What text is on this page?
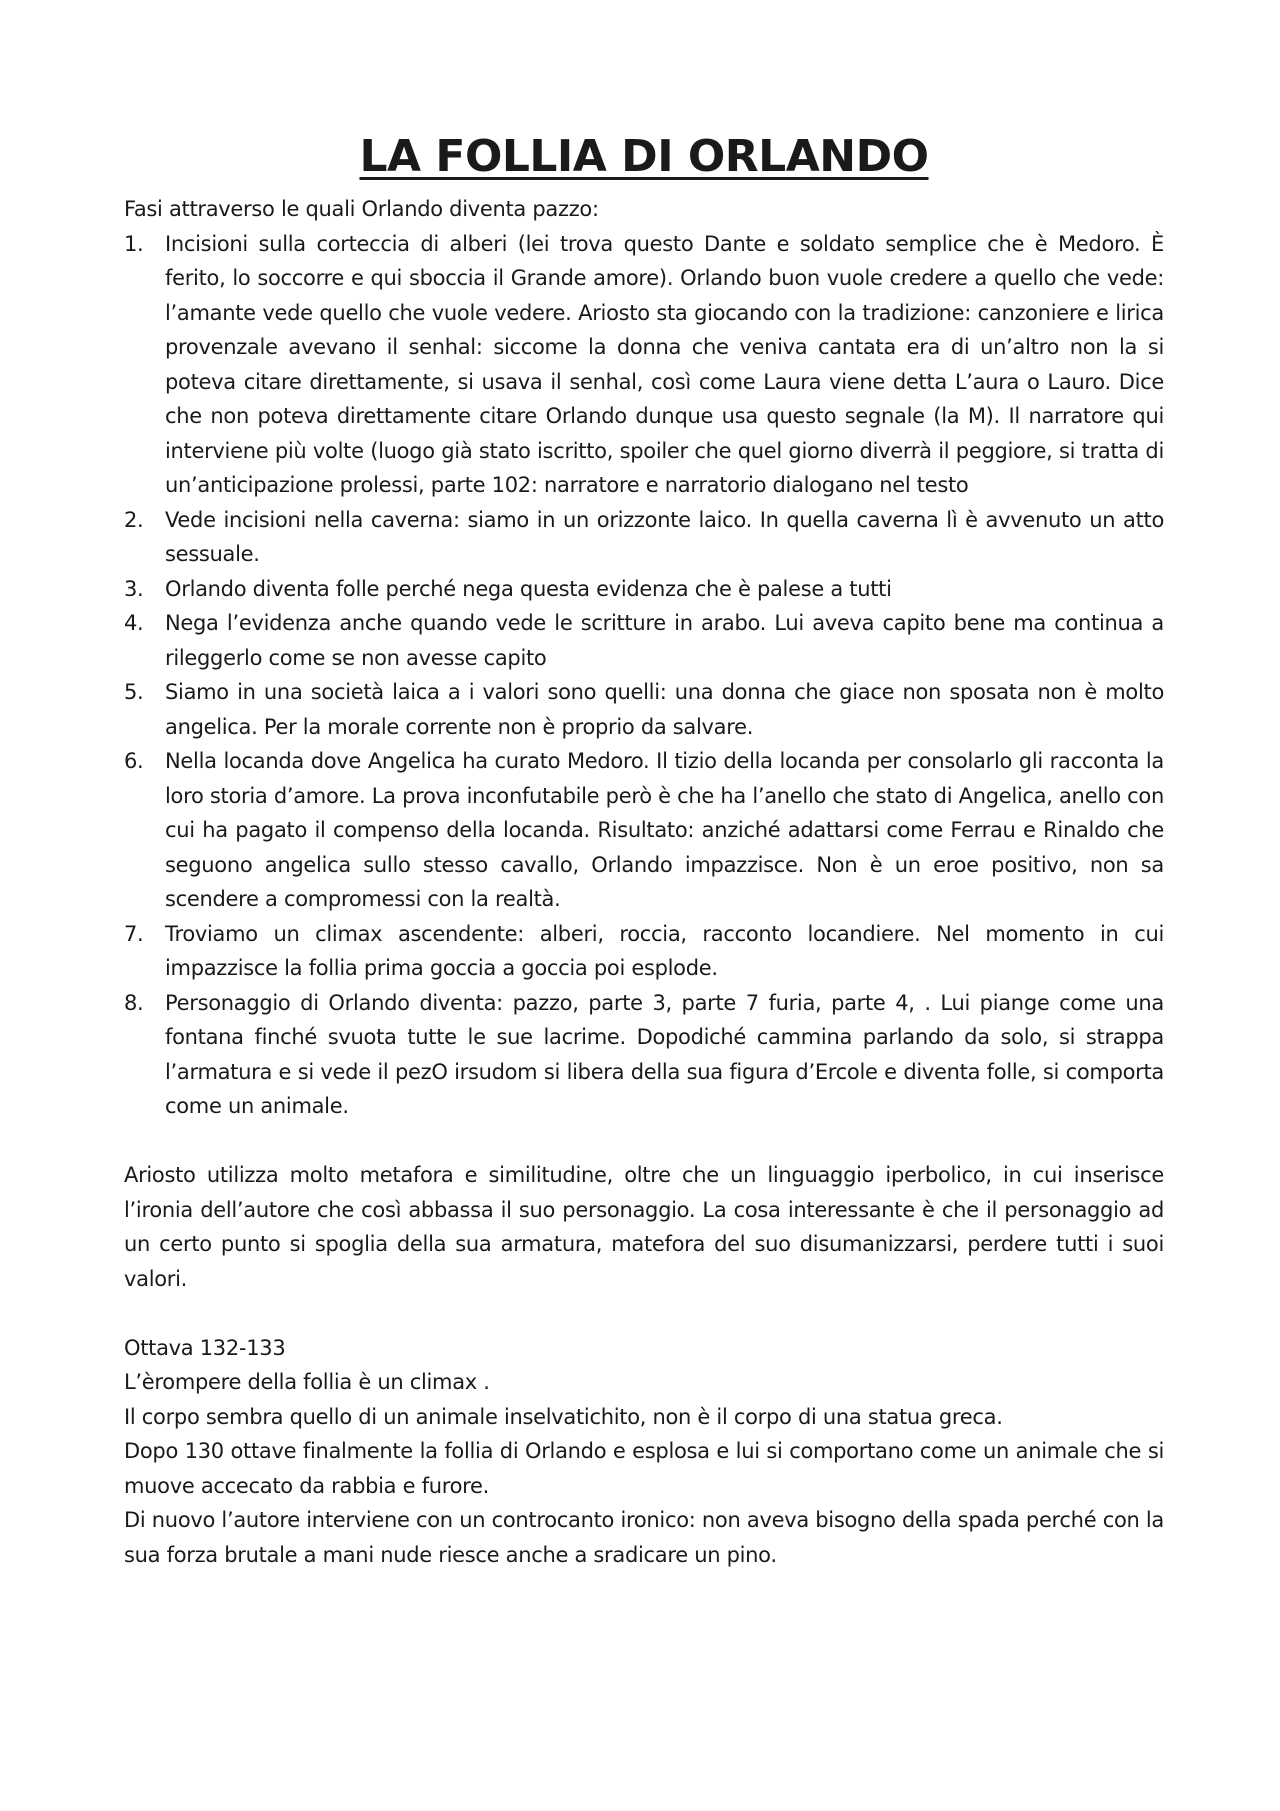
LA FOLLIA DI ORLANDO

Fasi attraverso le quali Orlando diventa pazzo:

1.	Incisioni sulla corteccia di alberi (lei trova questo Dante e soldato semplice che è Medoro. È ferito, lo soccorre e qui sboccia il Grande amore). Orlando buon vuole credere a quello che vede: l’amante vede quello che vuole vedere. Ariosto sta giocando con la tradizione: canzoniere e lirica provenzale avevano il senhal: siccome la donna che veniva cantata era di un’altro non la si poteva citare direttamente, si usava il senhal, così come Laura viene detta L’aura o Lauro. Dice che non poteva direttamente citare Orlando dunque usa questo segnale (la M). Il narratore qui interviene più volte (luogo già stato iscritto, spoiler che quel giorno diverrà il peggiore, si tratta di un’anticipazione prolessi, parte 102: narratore e narratorio dialogano nel testo
2.	Vede incisioni nella caverna: siamo in un orizzonte laico. In quella caverna lì è avvenuto un atto sessuale.
3.	Orlando diventa folle perché nega questa evidenza che è palese a tutti
4.	Nega l’evidenza anche quando vede le scritture in arabo. Lui aveva capito bene ma continua a rileggerlo come se non avesse capito
5.	Siamo in una società laica a i valori sono quelli: una donna che giace non sposata non è molto angelica. Per la morale corrente non è proprio da salvare.
6.	Nella locanda dove Angelica ha curato Medoro. Il tizio della locanda per consolarlo gli racconta la loro storia d’amore. La prova inconfutabile però è che ha l’anello che stato di Angelica, anello con cui ha pagato il compenso della locanda. Risultato: anziché adattarsi come Ferrau e Rinaldo che seguono angelica sullo stesso cavallo, Orlando impazzisce. Non è un eroe positivo, non sa scendere a compromessi con la realtà.
7.	Troviamo un climax ascendente: alberi, roccia, racconto locandiere. Nel momento in cui impazzisce la follia prima goccia a goccia poi esplode.
8.	Personaggio di Orlando diventa: pazzo, parte 3, parte 7 furia, parte 4, . Lui piange come una fontana finché svuota tutte le sue lacrime. Dopodiché cammina parlando da solo, si strappa l’armatura e si vede il pezO irsudom si libera della sua figura d’Ercole e diventa folle, si comporta come un animale.

Ariosto utilizza molto metafora e similitudine, oltre che un linguaggio iperbolico, in cui inserisce l’ironia dell’autore che così abbassa il suo personaggio. La cosa interessante è che il personaggio ad un certo punto si spoglia della sua armatura, matefora del suo disumanizzarsi, perdere tutti i suoi valori.

Ottava 132-133

L’èrompere della follia è un climax .

Il corpo sembra quello di un animale inselvatichito, non è il corpo di una statua greca.

Dopo 130 ottave finalmente la follia di Orlando e esplosa e lui si comportano come un animale che si muove accecato da rabbia e furore.

Di nuovo l’autore interviene con un controcanto ironico: non aveva bisogno della spada perché con la sua forza brutale a mani nude riesce anche a sradicare un pino.
